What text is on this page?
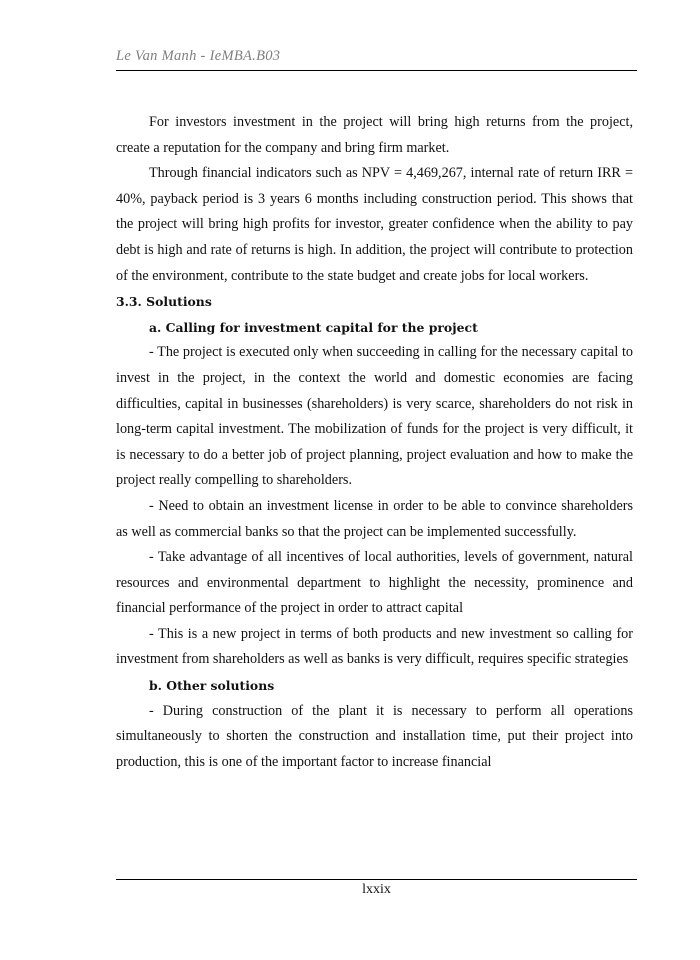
Le Van Manh - IeMBA.B03

For investors investment in the project will bring high returns from the project, create a reputation for the company and bring firm market.

Through financial indicators such as NPV = 4,469,267, internal rate of return IRR = 40%, payback period is 3 years 6 months including construction period. This shows that the project will bring high profits for investor, greater confidence when the ability to pay debt is high and rate of returns is high. In addition, the project will contribute to protection of the environment, contribute to the state budget and create jobs for local workers.

3.3. Solutions

a. Calling for investment capital for the project

- The project is executed only when succeeding in calling for the necessary capital to invest in the project, in the context the world and domestic economies are facing difficulties, capital in businesses (shareholders) is very scarce, shareholders do not risk in long-term capital investment. The mobilization of funds for the project is very difficult, it is necessary to do a better job of project planning, project evaluation and how to make the project really compelling to shareholders.

- Need to obtain an investment license in order to be able to convince shareholders as well as commercial banks so that the project can be implemented successfully.

- Take advantage of all incentives of local authorities, levels of government, natural resources and environmental department to highlight the necessity, prominence and financial performance of the project in order to attract capital

- This is a new project in terms of both products and new investment so calling for investment from shareholders as well as banks is very difficult, requires specific strategies

b. Other solutions

- During construction of the plant it is necessary to perform all operations simultaneously to shorten the construction and installation time, put their project into production, this is one of the important factor to increase financial

lxxix
